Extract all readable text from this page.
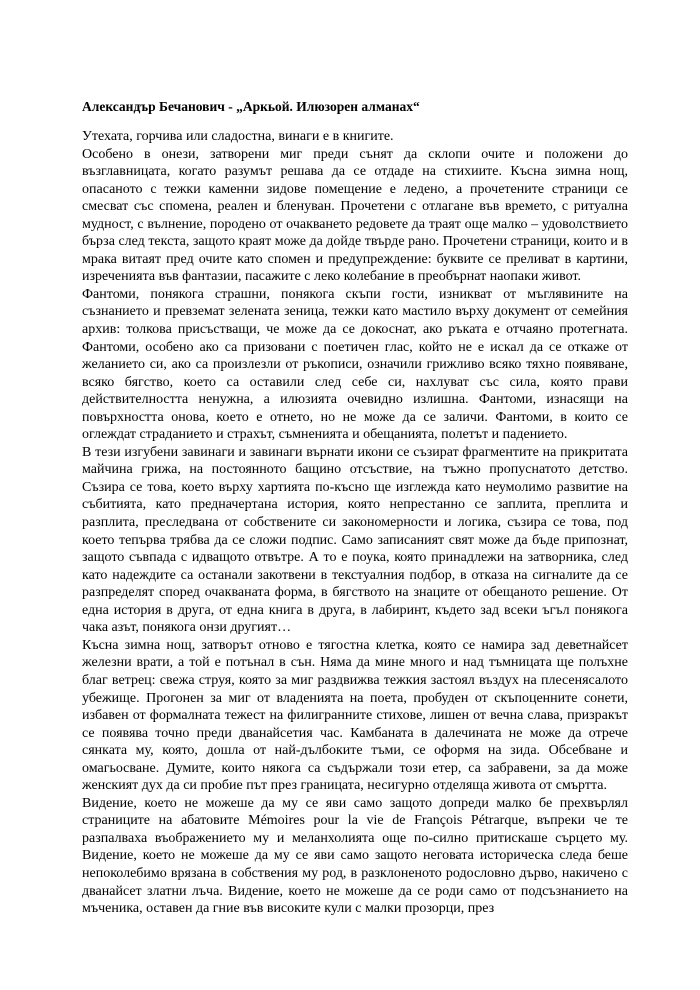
Александър Бечанович - „Аркьой. Илюзорен алманах“
Утехата, горчива или сладостна, винаги е в книгите.
Особено в онези, затворени миг преди сънят да склопи очите и положени до възглавницата, когато разумът решава да се отдаде на стихиите. Късна зимна нощ, опасаното с тежки каменни зидове помещение е ледено, а прочетените страници се смесват със спомена, реален и бленуван. Прочетени с отлагане във времето, с ритуална мудност, с вълнение, породено от очакването редовете да траят още малко – удоволствието бърза след текста, защото краят може да дойде твърде рано. Прочетени страници, които и в мрака витаят пред очите като спомен и предупреждение: буквите се преливат в картини, изреченията във фантазии, пасажите с леко колебание в преобърнат наопаки живот.
Фантоми, понякога страшни, понякога скъпи гости, изникват от мъглявините на съзнанието и превземат зелената зеница, тежки като мастило върху документ от семейния архив: толкова присъстващи, че може да се докоснат, ако ръката е отчаяно протегната. Фантоми, особено ако са призовани с поетичен глас, който не е искал да се откаже от желанието си, ако са произлезли от ръкописи, означили грижливо всяко тяхно появяване, всяко бягство, което са оставили след себе си, нахлуват със сила, която прави действителността ненужна, а илюзията очевидно излишна. Фантоми, изнасящи на повърхността онова, което е отнето, но не може да се заличи. Фантоми, в които се оглеждат страданието и страхът, съмненията и обещанията, полетът и падението.
В тези изгубени завинаги и завинаги върнати икони се съзират фрагментите на прикритата майчина грижа, на постоянното бащино отсъствие, на тъжно пропуснатото детство. Съзира се това, което върху хартията по-късно ще изглежда като неумолимо развитие на събитията, като предначертана история, която непрестанно се заплита, преплита и разплита, преследвана от собствените си закономерности и логика, съзира се това, под което тепърва трябва да се сложи подпис. Само записаният свят може да бъде припознат, защото съвпада с идващото отвътре. А то е поука, която принадлежи на затворника, след като надеждите са останали закотвени в текстуалния подбор, в отказа на сигналите да се разпределят според очакваната форма, в бягството на знаците от обещаното решение. От една история в друга, от една книга в друга, в лабиринт, където зад всеки ъгъл понякога чака азът, понякога онзи другият…
Късна зимна нощ, затворът отново е тягостна клетка, която се намира зад деветнайсет железни врати, а той е потънал в сън. Няма да мине много и над тъмницата ще полъхне благ ветрец: свежа струя, която за миг раздвижва тежкия застоял въздух на плесенясалото убежище. Прогонен за миг от владенията на поета, пробуден от скъпоценните сонети, избавен от формалната тежест на филигранните стихове, лишен от вечна слава, призракът се появява точно преди дванайсетия час. Камбаната в далечината не може да отрече сянката му, която, дошла от най-дълбоките тъми, се оформя на зида. Обсебване и омагьосване. Думите, които някога са съдържали този етер, са забравени, за да може женският дух да си пробие път през границата, несигурно отделяща живота от смъртта.
Видение, което не можеше да му се яви само защото допреди малко бе прехвърлял страниците на абатовите Mémoires pour la vie de François Pétrarque, въпреки че те разпалваха въображението му и меланхолията още по-силно притискаше сърцето му. Видение, което не можеше да му се яви само защото неговата историческа следа беше непоколебимо врязана в собствения му род, в разклоненото родословно дърво, накичено с дванайсет златни лъча. Видение, което не можеше да се роди само от подсъзнанието на мъченика, оставен да гние във високите кули с малки прозорци, през
